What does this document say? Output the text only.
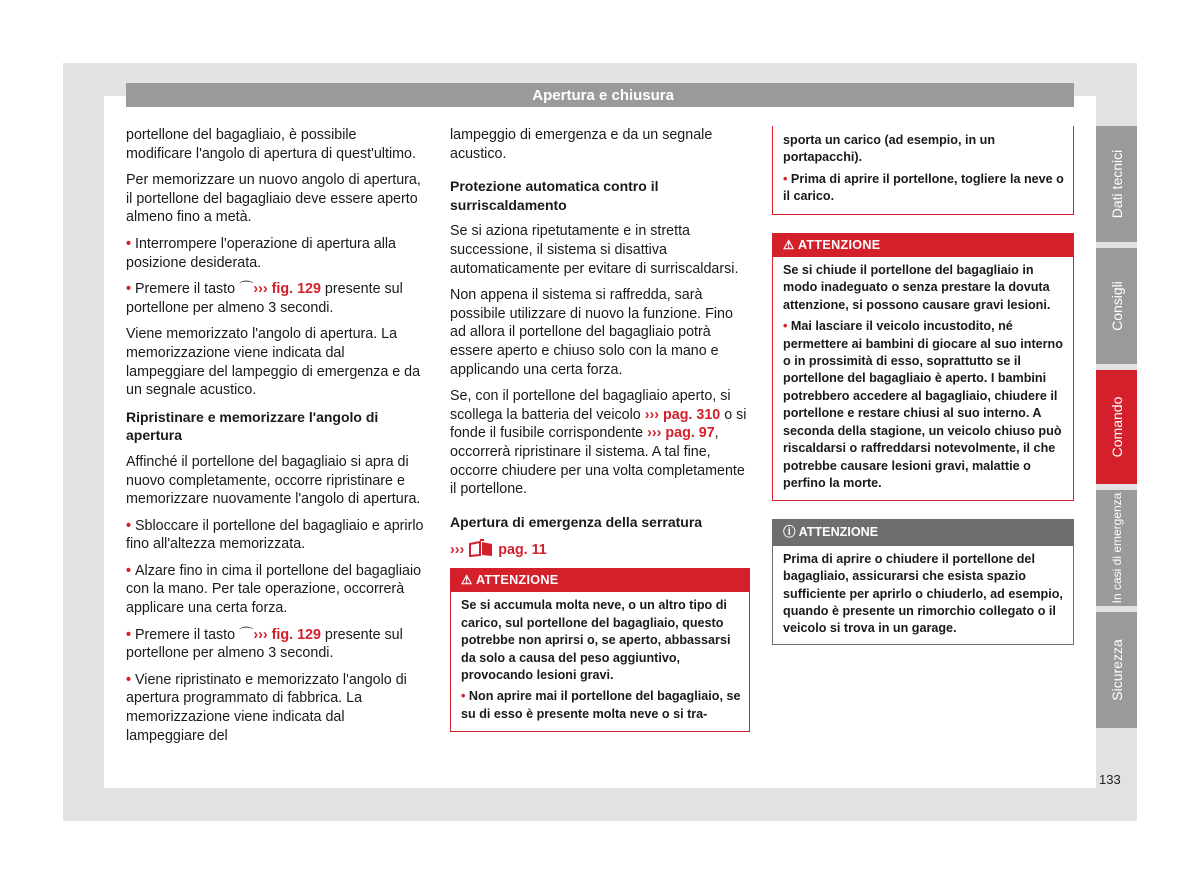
Apertura e chiusura

portellone del bagagliaio, è possibile modificare l'angolo di apertura di quest'ultimo.

Per memorizzare un nuovo angolo di apertura, il portellone del bagagliaio deve essere aperto almeno fino a metà.

• Interrompere l'operazione di apertura alla posizione desiderata.

• Premere il tasto ⌒››› fig. 129 presente sul portellone per almeno 3 secondi.

Viene memorizzato l'angolo di apertura. La memorizzazione viene indicata dal lampeggiare del lampeggio di emergenza e da un segnale acustico.

Ripristinare e memorizzare l'angolo di apertura

Affinché il portellone del bagagliaio si apra di nuovo completamente, occorre ripristinare e memorizzare nuovamente l'angolo di apertura.

• Sbloccare il portellone del bagagliaio e aprirlo fino all'altezza memorizzata.

• Alzare fino in cima il portellone del bagagliaio con la mano. Per tale operazione, occorrerà applicare una certa forza.

• Premere il tasto ⌒››› fig. 129 presente sul portellone per almeno 3 secondi.

• Viene ripristinato e memorizzato l'angolo di apertura programmato di fabbrica. La memorizzazione viene indicata dal lampeggiare del

lampeggio di emergenza e da un segnale acustico.

Protezione automatica contro il surriscaldamento

Se si aziona ripetutamente e in stretta successione, il sistema si disattiva automaticamente per evitare di surriscaldarsi.

Non appena il sistema si raffredda, sarà possibile utilizzare di nuovo la funzione. Fino ad allora il portellone del bagagliaio potrà essere aperto e chiuso solo con la mano e applicando una certa forza.

Se, con il portellone del bagagliaio aperto, si scollega la batteria del veicolo ››› pag. 310 o si fonde il fusibile corrispondente ››› pag. 97, occorrerà ripristinare il sistema. A tal fine, occorre chiudere per una volta completamente il portellone.

Apertura di emergenza della serratura

››› pag. 11

⚠ ATTENZIONE

Se si accumula molta neve, o un altro tipo di carico, sul portellone del bagagliaio, questo potrebbe non aprirsi o, se aperto, abbassarsi da solo a causa del peso aggiuntivo, provocando lesioni gravi.

• Non aprire mai il portellone del bagagliaio, se su di esso è presente molta neve o si tra-

sporta un carico (ad esempio, in un portapacchi).

• Prima di aprire il portellone, togliere la neve o il carico.

⚠ ATTENZIONE

Se si chiude il portellone del bagagliaio in modo inadeguato o senza prestare la dovuta attenzione, si possono causare gravi lesioni.

• Mai lasciare il veicolo incustodito, né permettere ai bambini di giocare al suo interno o in prossimità di esso, soprattutto se il portellone del bagagliaio è aperto. I bambini potrebbero accedere al bagagliaio, chiudere il portellone e restare chiusi al suo interno. A seconda della stagione, un veicolo chiuso può riscaldarsi o raffreddarsi notevolmente, il che potrebbe causare lesioni gravi, malattie o perfino la morte.

ⓘ ATTENZIONE

Prima di aprire o chiudere il portellone del bagagliaio, assicurarsi che esista spazio sufficiente per aprirlo o chiuderlo, ad esempio, quando è presente un rimorchio collegato o il veicolo si trova in un garage.

Dati tecnici
Consigli
Comando
In casi di emergenza
Sicurezza
133
